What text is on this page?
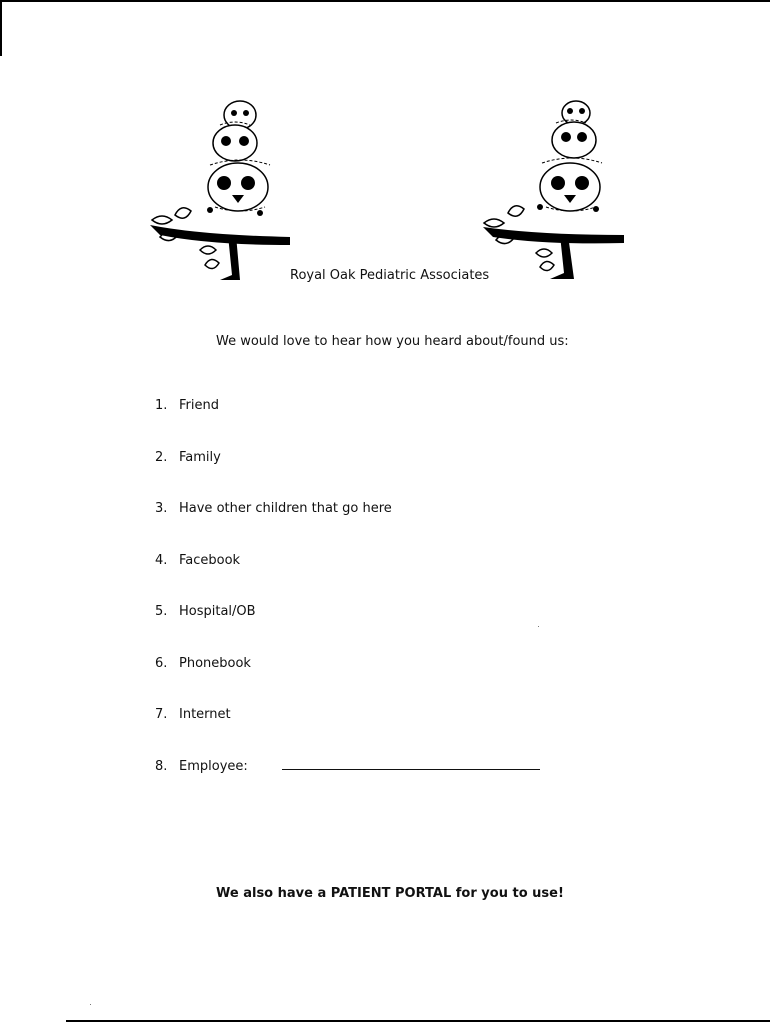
Royal Oak Pediatric Associates
We would love to hear how you heard about/found us:
1. Friend
2. Family
3. Have other children that go here
4. Facebook
5. Hospital/OB
6. Phonebook
7. Internet
8. Employee:
We also have a PATIENT PORTAL for you to use!
